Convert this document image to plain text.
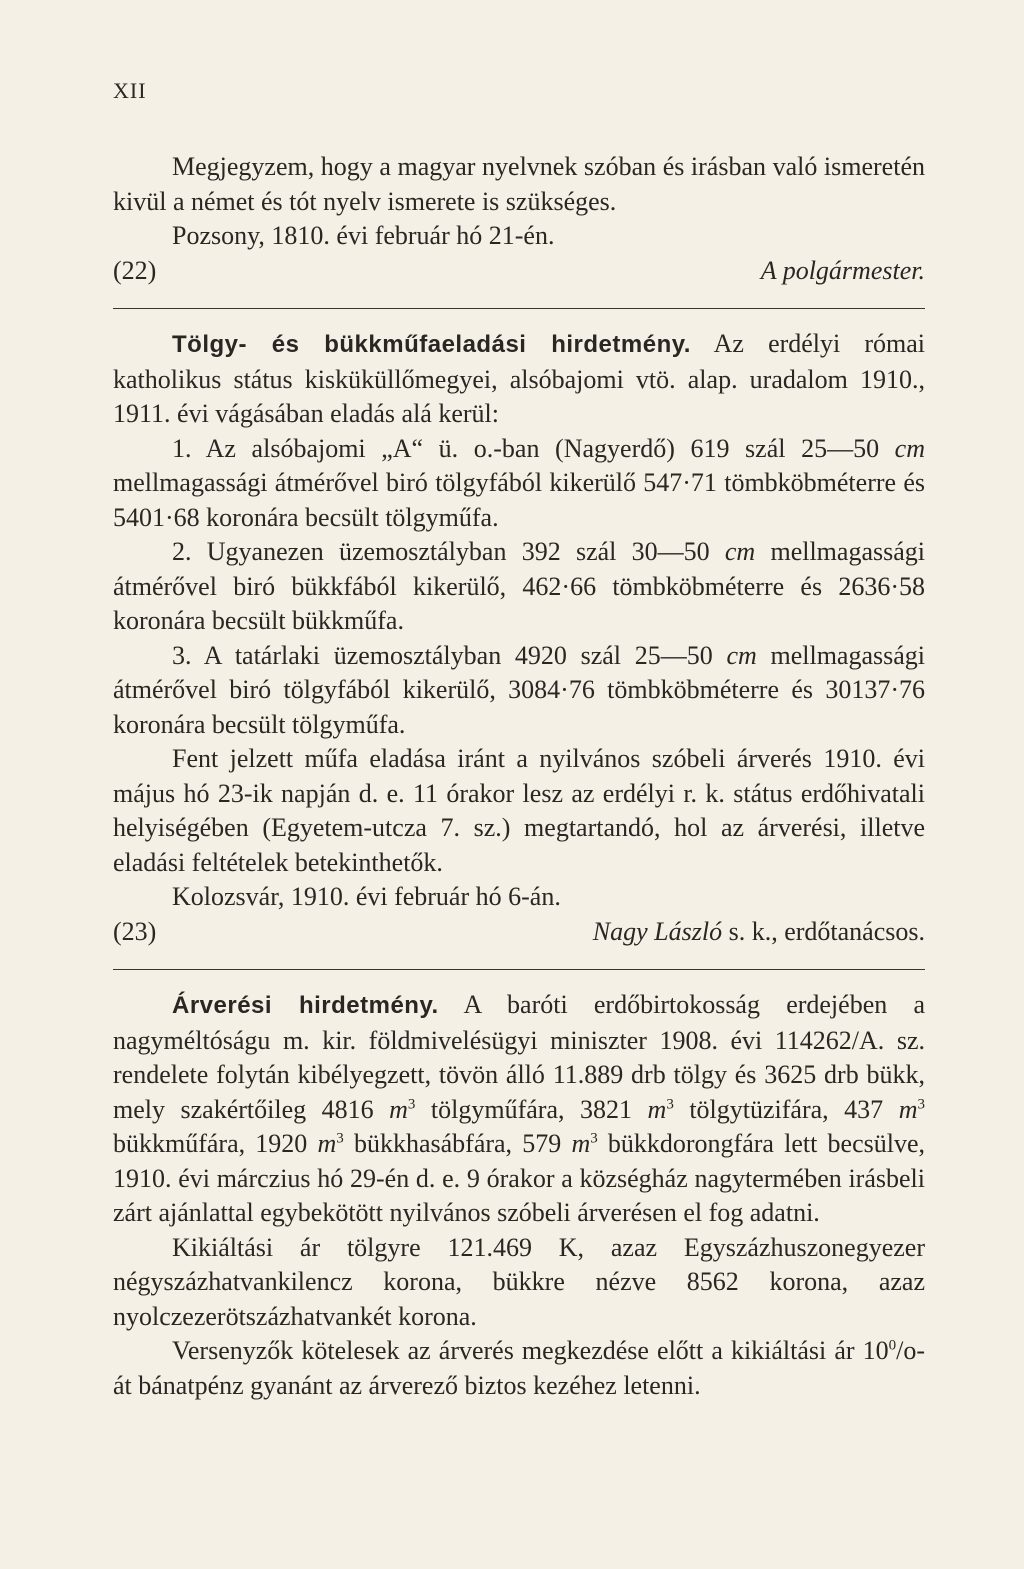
XII

Megjegyzem, hogy a magyar nyelvnek szóban és irásban való ismeretén kivül a német és tót nyelv ismerete is szükséges.

Pozsony, 1810. évi február hó 21-én.

(22)	A polgármester.

Tölgy- és bükkműfaeladási hirdetmény. Az erdélyi római katholikus státus kisküküllőmegyei, alsóbajomi vtö. alap. uradalom 1910., 1911. évi vágásában eladás alá kerül:

1. Az alsóbajomi „A“ ü. o.-ban (Nagyerdő) 619 szál 25—50 cm mellmagassági átmérővel biró tölgyfából kikerülő 547·71 tömbköbméterre és 5401·68 koronára becsült tölgyműfa.

2. Ugyanezen üzemosztályban 392 szál 30—50 cm mellmagassági átmérővel biró bükkfából kikerülő, 462·66 tömbköbméterre és 2636·58 koronára becsült bükkműfa.

3. A tatárlaki üzemosztályban 4920 szál 25—50 cm mellmagassági átmérővel biró tölgyfából kikerülő, 3084·76 tömbköbméterre és 30137·76 koronára becsült tölgyműfa.

Fent jelzett műfa eladása iránt a nyilvános szóbeli árverés 1910. évi május hó 23-ik napján d. e. 11 órakor lesz az erdélyi r. k. státus erdőhivatali helyiségében (Egyetem-utcza 7. sz.) megtartandó, hol az árverési, illetve eladási feltételek betekinthetők.

Kolozsvár, 1910. évi február hó 6-án.

(23)	Nagy László s. k., erdőtanácsos.

Árverési hirdetmény. A baróti erdőbirtokosság erdejében a nagyméltóságu m. kir. földmivelésügyi miniszter 1908. évi 114262/A. sz. rendelete folytán kibélyegzett, tövön álló 11.889 drb tölgy és 3625 drb bükk, mely szakértőileg 4816 $m^3$ tölgyműfára, 3821 $m^3$ tölgytüzifára, 437 $m^3$ bükkműfára, 1920 $m^3$ bükkhasábfára, 579 $m^3$ bükkdorongfára lett becsülve, 1910. évi márczius hó 29-én d. e. 9 órakor a községház nagytermében irásbeli zárt ajánlattal egybekötött nyilvános szóbeli árverésen el fog adatni.

Kikiáltási ár tölgyre 121.469 K, azaz Egyszázhuszonegyezer négyszázhatvankilencz korona, bükkre nézve 8562 korona, azaz nyolczezerötszázhatvankét korona.

Versenyzők kötelesek az árverés megkezdése előtt a kikiáltási ár $10^0/o-át$ bánatpénz gyanánt az árverező biztos kezéhez letenni.
